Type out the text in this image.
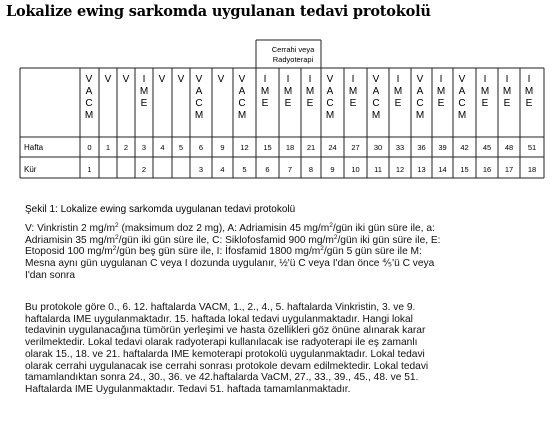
Lokalize ewing sarkomda uygulanan tedavi protokolü
Cerrahi veya
Radyoterapi
Hafta
Kür
V
A
C
M
0
1
V
1
V
2
I
M
E
3
2
V
4
V
5
V
A
C
M
6
3
V
9
4
V
A
C
M
12
5
I
M
E
15
6
I
M
E
18
7
I
M
E
21
8
V
A
C
M
24
9
I
M
E
27
10
V
A
C
M
30
11
I
M
E
33
12
V
A
C
M
36
13
I
M
E
39
14
V
A
C
M
42
15
I
M
E
45
16
I
M
E
48
17
I
M
E
51
18
Şekil 1: Lokalize ewing sarkomda uygulanan tedavi protokolü
V: Vinkristin 2 $mg/m^2$ (maksimum doz 2 mg), A: Adriamisin 45 $mg/m^2$/gün iki gün süre ile, a:
Adriamisin 35 $mg/m^2$/gün iki gün süre ile, C: Siklofosfamid 900 $mg/m^2$/gün iki gün süre ile, E:
Etoposid 100 $mg/m^2$/gün beş gün süre ile, I: İfosfamid 1800 $mg/m^2$/gün 5 gün süre ile M:
Mesna aynı gün uygulanan C veya I dozunda uygulanır, ½'ü C veya I'dan önce ⅘'ü C veya
I'dan sonra
Bu protokole göre 0., 6. 12. haftalarda VACM, 1., 2., 4., 5. haftalarda Vinkristin, 3. ve 9.
haftalarda IME uygulanmaktadır. 15. haftada lokal tedavi uygulanmaktadır. Hangi lokal
tedavinin uygulanacağına tümörün yerleşimi ve hasta özellikleri göz önüne alınarak karar
verilmektedir. Lokal tedavi olarak radyoterapi kullanılacak ise radyoterapi ile eş zamanlı
olarak 15., 18. ve 21. haftalarda IME kemoterapi protokolü uygulanmaktadır. Lokal tedavi
olarak cerrahi uygulanacak ise cerrahi sonrası protokole devam edilmektedir. Lokal tedavi
tamamlandıktan sonra 24., 30., 36. ve 42.haftalarda VaCM, 27., 33., 39., 45., 48. ve 51.
Haftalarda IME Uygulanmaktadır. Tedavi 51. haftada tamamlanmaktadır.
